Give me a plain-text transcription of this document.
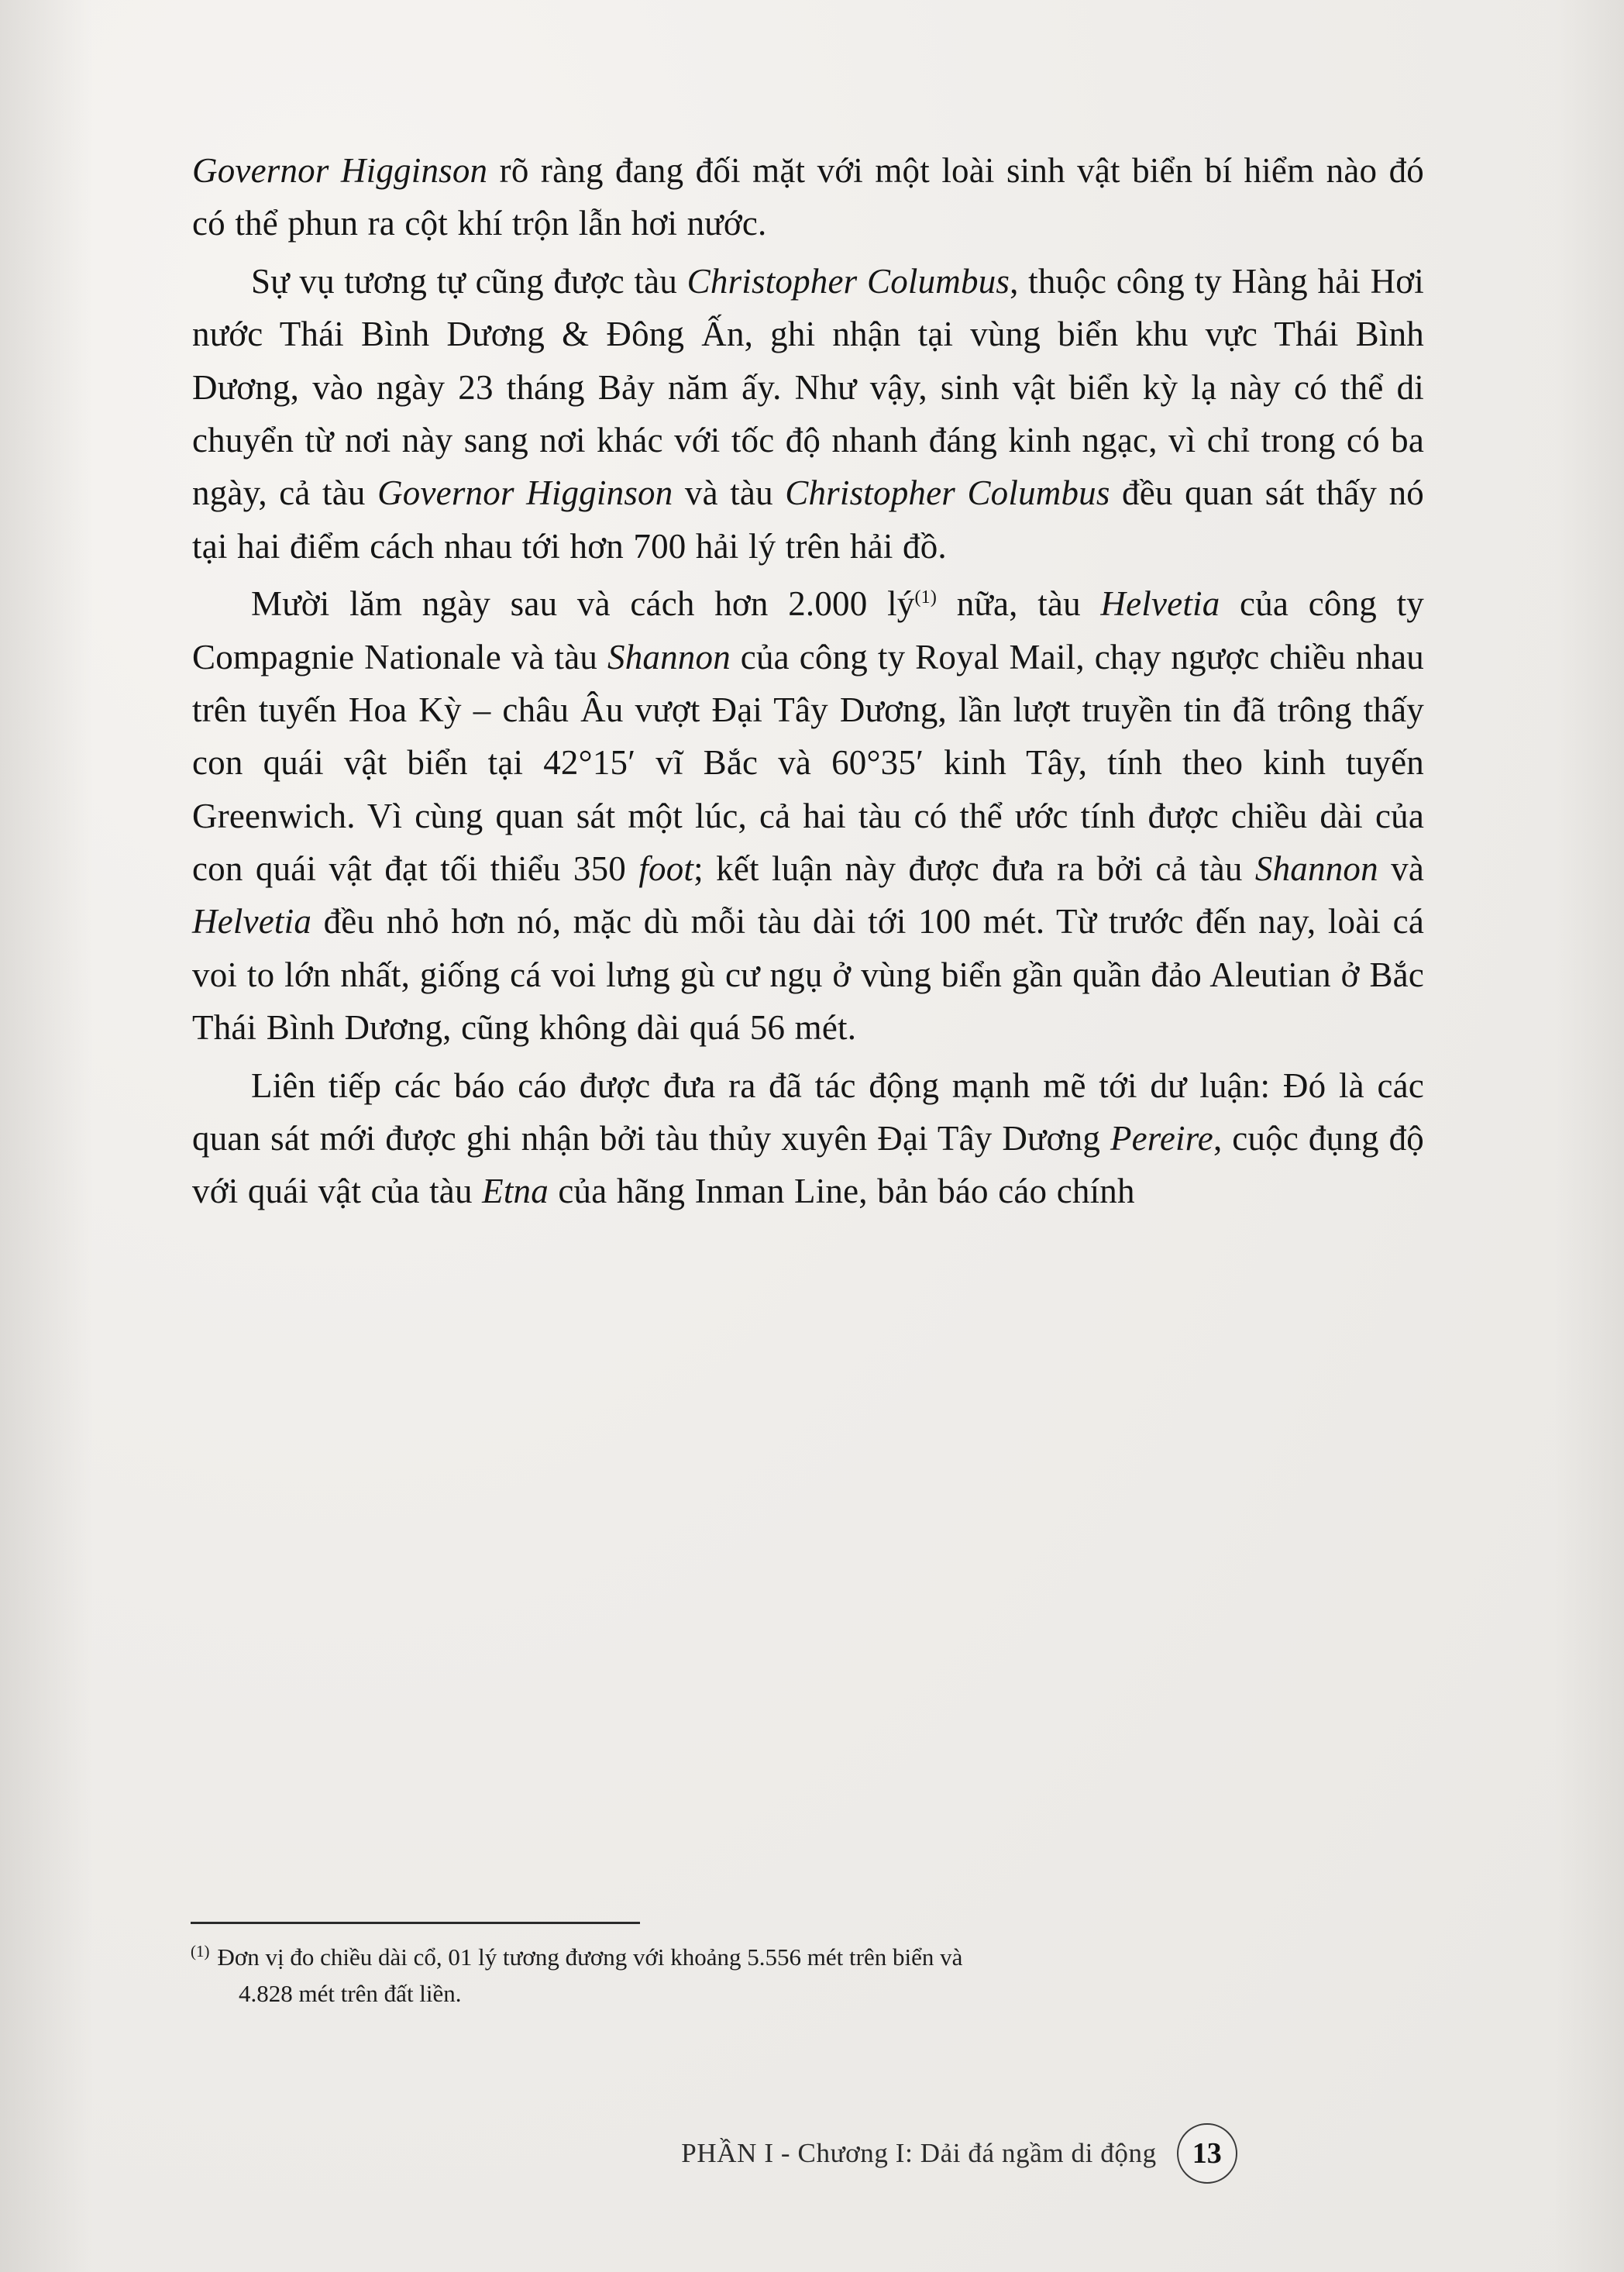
Governor Higginson rõ ràng đang đối mặt với một loài sinh vật biển bí hiểm nào đó có thể phun ra cột khí trộn lẫn hơi nước.

Sự vụ tương tự cũng được tàu Christopher Columbus, thuộc công ty Hàng hải Hơi nước Thái Bình Dương & Đông Ấn, ghi nhận tại vùng biển khu vực Thái Bình Dương, vào ngày 23 tháng Bảy năm ấy. Như vậy, sinh vật biển kỳ lạ này có thể di chuyển từ nơi này sang nơi khác với tốc độ nhanh đáng kinh ngạc, vì chỉ trong có ba ngày, cả tàu Governor Higginson và tàu Christopher Columbus đều quan sát thấy nó tại hai điểm cách nhau tới hơn 700 hải lý trên hải đồ.

Mười lăm ngày sau và cách hơn 2.000 lý$^{(1)}$ nữa, tàu Helvetia của công ty Compagnie Nationale và tàu Shannon của công ty Royal Mail, chạy ngược chiều nhau trên tuyến Hoa Kỳ – châu Âu vượt Đại Tây Dương, lần lượt truyền tin đã trông thấy con quái vật biển tại 42°15′ vĩ Bắc và 60°35′ kinh Tây, tính theo kinh tuyến Greenwich. Vì cùng quan sát một lúc, cả hai tàu có thể ước tính được chiều dài của con quái vật đạt tối thiểu 350 foot; kết luận này được đưa ra bởi cả tàu Shannon và Helvetia đều nhỏ hơn nó, mặc dù mỗi tàu dài tới 100 mét. Từ trước đến nay, loài cá voi to lớn nhất, giống cá voi lưng gù cư ngụ ở vùng biển gần quần đảo Aleutian ở Bắc Thái Bình Dương, cũng không dài quá 56 mét.

Liên tiếp các báo cáo được đưa ra đã tác động mạnh mẽ tới dư luận: Đó là các quan sát mới được ghi nhận bởi tàu thủy xuyên Đại Tây Dương Pereire, cuộc đụng độ với quái vật của tàu Etna của hãng Inman Line, bản báo cáo chính

$^{(1)}$ Đơn vị đo chiều dài cổ, 01 lý tương đương với khoảng 5.556 mét trên biển và
4.828 mét trên đất liền.
PHẦN I - Chương I: Dải đá ngầm di động	13
